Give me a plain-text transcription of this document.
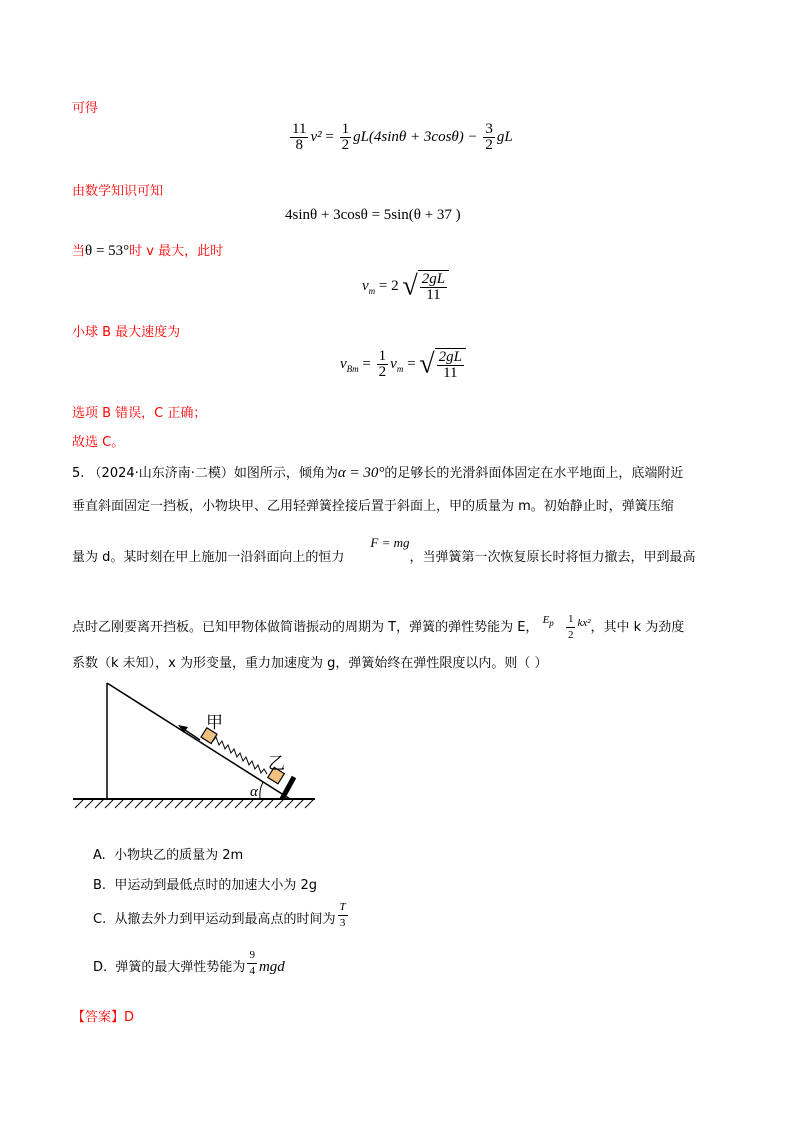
可得
$\frac{11}{8} v^2 = \frac{1}{2} gL(4\sin\theta + 3\cos\theta) - \frac{3}{2}$ gL
由数学知识可知
4sinθ + 3cosθ = 5sin(θ + 37 )
当θ = 53°时 v 最大，此时
$v_m = 2$ √ $\frac{2gL}{11}$
小球 B 最大速度为
$v_{Bm} = \frac{1}{2} v_m$ = √ $\frac{2gL}{11}$
选项 B 错误，C 正确；
故选 C。
5. （2024·山东济南·二模）如图所示，倾角为α = 30°的足够长的光滑斜面体固定在水平地面上，底端附近
垂直斜面固定一挡板，小物块甲、乙用轻弹簧拴接后置于斜面上，甲的质量为 m。初始静止时，弹簧压缩
量为 d。某时刻在甲上施加一沿斜面向上的恒力F = mg，当弹簧第一次恢复原长时将恒力撤去，甲到最高
点时乙刚要离开挡板。已知甲物体做简谐振动的周期为 T，弹簧的弹性势能为 E， $^{E_p} \frac{1}{2} ^{kx^2}$，其中 k 为劲度
系数（k 未知），x 为形变量，重力加速度为 g，弹簧始终在弹性限度以内。则（ ）
甲
乙
α
A. 小物块乙的质量为 2m
B. 甲运动到最低点时的加速大小为 2g
C. 从撤去外力到甲运动到最高点的时间为 $\frac{T}{3}$
D. 弹簧的最大弹性势能为 $\frac{9}{4}$ mgd
【答案】D
